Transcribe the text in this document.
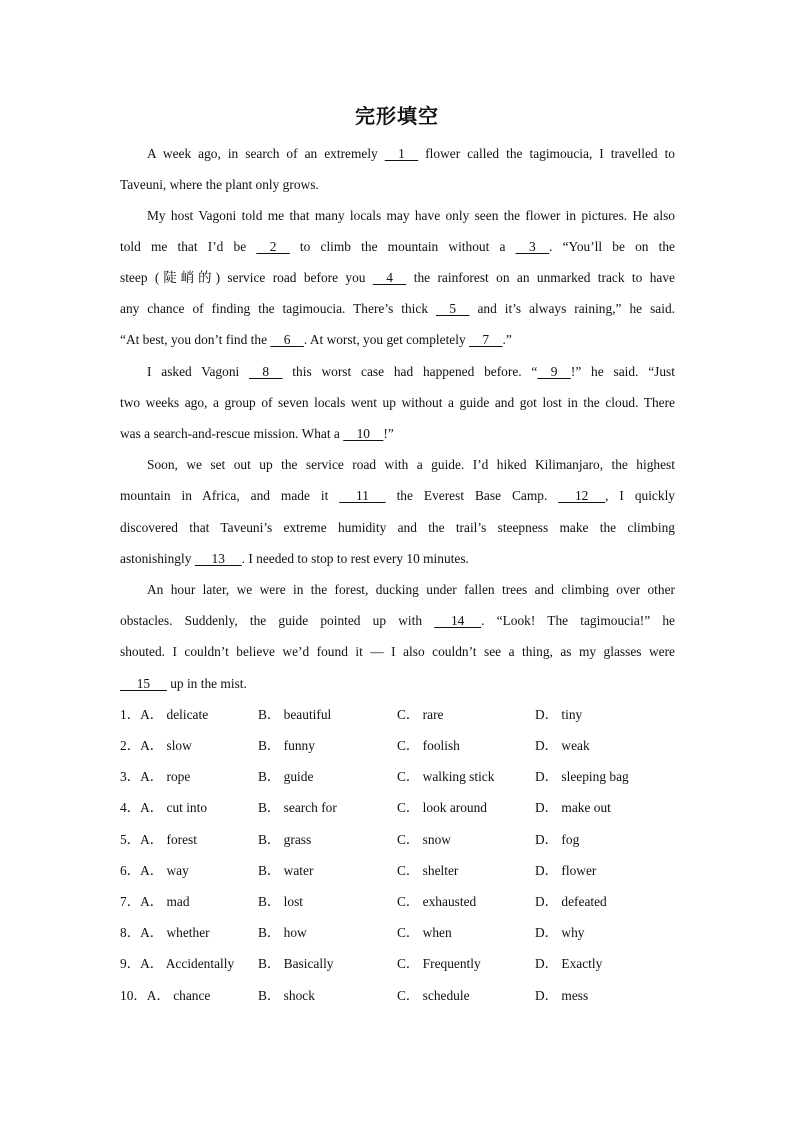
完形填空
A week ago, in search of an extremely     1     flower called the tagimoucia, I travelled to
Taveuni, where the plant only grows.
My host Vagoni told me that many locals may have only seen the flower in pictures. He also
told me that I’d be     2     to climb the mountain without a     3    . “You’ll be on the
steep (陡峭的) service road before you     4     the rainforest on an unmarked track to have
any chance of finding the tagimoucia. There’s thick     5     and it’s always raining,” he said.
“At best, you don’t find the     6    . At worst, you get completely     7    .”
I asked Vagoni     8     this worst case had happened before. “    9    !” he said. “Just
two weeks ago, a group of seven locals went up without a guide and got lost in the cloud. There
was a search-and-rescue mission. What a     10    !”
Soon, we set out up the service road with a guide. I’d hiked Kilimanjaro, the highest
mountain in Africa, and made it      11      the Everest Base Camp.      12     , I quickly
discovered that Taveuni’s extreme humidity and the trail’s steepness make the climbing
astonishingly      13     . I needed to stop to rest every 10 minutes.
An hour later, we were in the forest, ducking under fallen trees and climbing over other
obstacles. Suddenly, the guide pointed up with      14     . “Look! The tagimoucia!” he
shouted. I couldn’t believe we’d found it — I also couldn’t see a thing, as my glasses were
15      up in the mist.
1．A． delicate	B． beautiful	C． rare	D． tiny
2．A． slow	B． funny	C． foolish	D． weak
3．A． rope	B． guide	C． walking stick	D． sleeping bag
4．A． cut into	B． search for	C． look around	D． make out
5．A． forest	B． grass	C． snow	D． fog
6．A． way	B． water	C． shelter	D． flower
7．A． mad	B． lost	C． exhausted	D． defeated
8．A． whether	B． how	C． when	D． why
9．A． Accidentally B． Basically	C． Frequently	D． Exactly
10．A． chance	B． shock	C． schedule	D． mess
